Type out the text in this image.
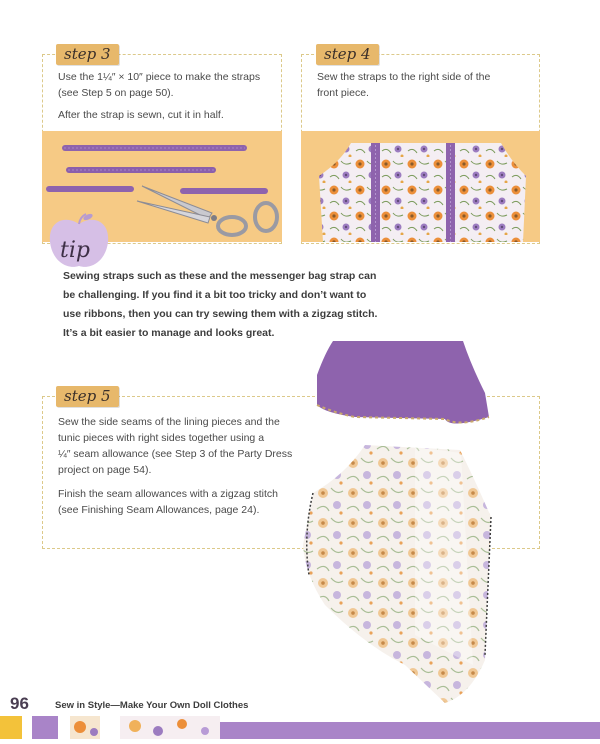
step 3

Use the 1¼″ × 10″ piece to make the straps

(see Step 5 on page 50).

After the strap is sewn, cut it in half.

step 4

Sew the straps to the right side of the

front piece.

tip

Sewing straps such as these and the messenger bag strap can

be challenging. If you find it a bit too tricky and don’t want to

use ribbons, then you can try sewing them with a zigzag stitch.

It’s a bit easier to manage and looks great.

step 5

Sew the side seams of the lining pieces and the

tunic pieces with right sides together using a

¼″ seam allowance (see Step 3 of the Party Dress

project on page 54).

Finish the seam allowances with a zigzag stitch

(see Finishing Seam Allowances, page 24).

96	Sew in Style—Make Your Own Doll Clothes
